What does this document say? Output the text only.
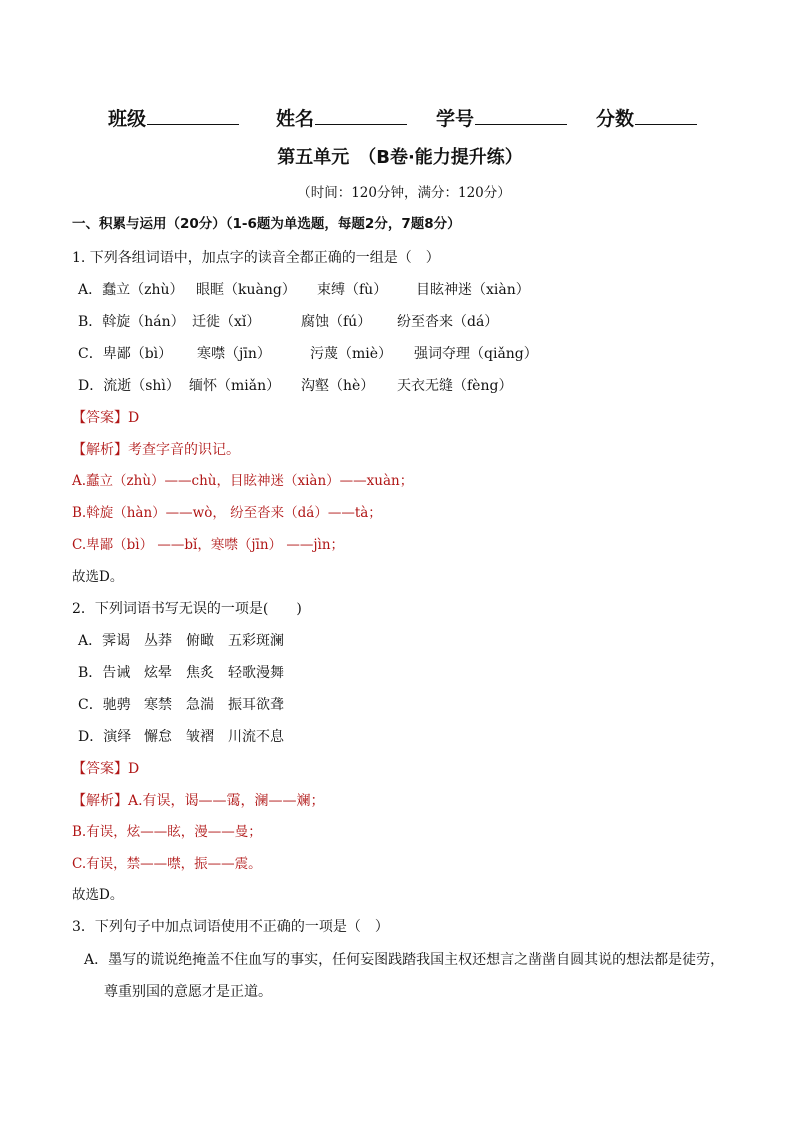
班级	姓名	学号	分数
第五单元　（B卷·能力提升练）
（时间：120分钟，满分：120分）
一、积累与运用（20分）（1-6题为单选题，每题2分，7题8分）
1. 下列各组词语中，加点字的读音全都正确的一组是（　）
A．蠢立（zhù） 眼眶（kuàng） 束缚（fù） 目眩神迷（xiàn）
B．斡旋（hán） 迁徙（xǐ）	腐蚀（fú） 纷至沓来（dá）
C．卑鄙（bì） 寒噤（jīn）	污蔑（miè） 强词夺理（qiǎng）
D．流逝（shì） 缅怀（miǎn） 沟壑（hè） 天衣无缝（fèng）
【答案】D
【解析】考查字音的识记。
A.蠢立（zhù）——chù，目眩神迷（xiàn）——xuàn；
B.斡旋（hàn）——wò， 纷至沓来（dá）——tà；
C.卑鄙（bì） ——bǐ，寒噤（jīn） ——jìn；
故选D。
2．下列词语书写无误的一项是(　　)
A．霁谒 丛莽 俯瞰 五彩斑澜
B．告诫 炫晕 焦炙 轻歌漫舞
C．驰骋 寒禁 急湍 振耳欲聋
D．演绎 懈怠 皱褶 川流不息
【答案】D
【解析】A.有误，谒——霭，澜——斓；
B.有误，炫——眩，漫——曼；
C.有误，禁——噤，振——震。
故选D。
3．下列句子中加点词语使用不正确的一项是（　）
A．墨写的谎说绝掩盖不住血写的事实，任何妄图践踏我国主权还想言之凿凿自圆其说的想法都是徒劳，
尊重别国的意愿才是正道。
